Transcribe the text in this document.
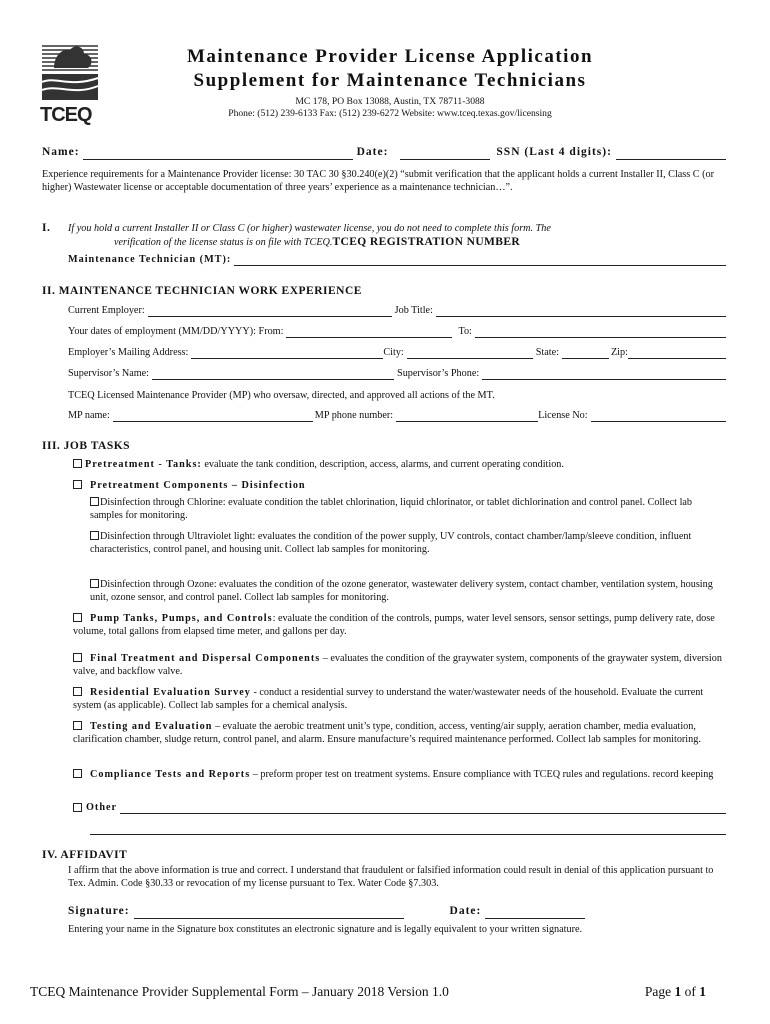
TCEQ
Maintenance Provider License Application
Supplement for Maintenance Technicians
MC 178, PO Box 13088, Austin, TX 78711-3088
Phone: (512) 239-6133 Fax: (512) 239-6272 Website: www.tceq.texas.gov/licensing
Name:	Date:	SSN (Last 4 digits):
Experience requirements for a Maintenance Provider license: 30 TAC 30 §30.240(e)(2) “submit verification that the applicant holds a current Installer II, Class C (or higher) Wastewater license or acceptable documentation of three years’ experience as a maintenance technician…”.
I. If you hold a current Installer II or Class C (or higher) wastewater license, you do not need to complete this form. The
verification of the license status is on file with TCEQ.TCEQ REGISTRATION NUMBER
Maintenance Technician (MT):
II. MAINTENANCE TECHNICIAN WORK EXPERIENCE
Current Employer:	Job Title:
Your dates of employment (MM/DD/YYYY): From:	To:
Employer’s Mailing Address:	City:	State:	Zip:
Supervisor’s Name:	Supervisor’s Phone:
TCEQ Licensed Maintenance Provider (MP) who oversaw, directed, and approved all actions of the MT.
MP name:	MP phone number:	License No:
III. JOB TASKS
Pretreatment - Tanks: evaluate the tank condition, description, access, alarms, and current operating condition.
Pretreatment Components – Disinfection
Disinfection through Chlorine: evaluate condition the tablet chlorination, liquid chlorinator, or tablet dichlorination and control panel. Collect lab samples for monitoring.
Disinfection through Ultraviolet light: evaluates the condition of the power supply, UV controls, contact chamber/lamp/sleeve condition, influent characteristics, control panel, and housing unit. Collect lab samples for monitoring.
Disinfection through Ozone: evaluates the condition of the ozone generator, wastewater delivery system, contact chamber, ventilation system, housing unit, ozone sensor, and control panel. Collect lab samples for monitoring.
Pump Tanks, Pumps, and Controls: evaluate the condition of the controls, pumps, water level sensors, sensor settings, pump delivery rate, dose volume, total gallons from elapsed time meter, and gallons per day.
Final Treatment and Dispersal Components – evaluates the condition of the graywater system, components of the graywater system, diversion valve, and backflow valve.
Residential Evaluation Survey - conduct a residential survey to understand the water/wastewater needs of the household. Evaluate the current system (as applicable). Collect lab samples for a chemical analysis.
Testing and Evaluation – evaluate the aerobic treatment unit’s type, condition, access, venting/air supply, aeration chamber, media evaluation, clarification chamber, sludge return, control panel, and alarm. Ensure manufacture’s required maintenance performed. Collect lab samples for monitoring.
Compliance Tests and Reports – preform proper test on treatment systems. Ensure compliance with TCEQ rules and regulations. record keeping
Other
IV. AFFIDAVIT
I affirm that the above information is true and correct. I understand that fraudulent or falsified information could result in denial of this application pursuant to Tex. Admin. Code §30.33 or revocation of my license pursuant to Tex. Water Code §7.303.
Signature:	Date:
Entering your name in the Signature box constitutes an electronic signature and is legally equivalent to your written signature.
TCEQ Maintenance Provider Supplemental Form – January 2018 Version 1.0	Page 1 of 1
